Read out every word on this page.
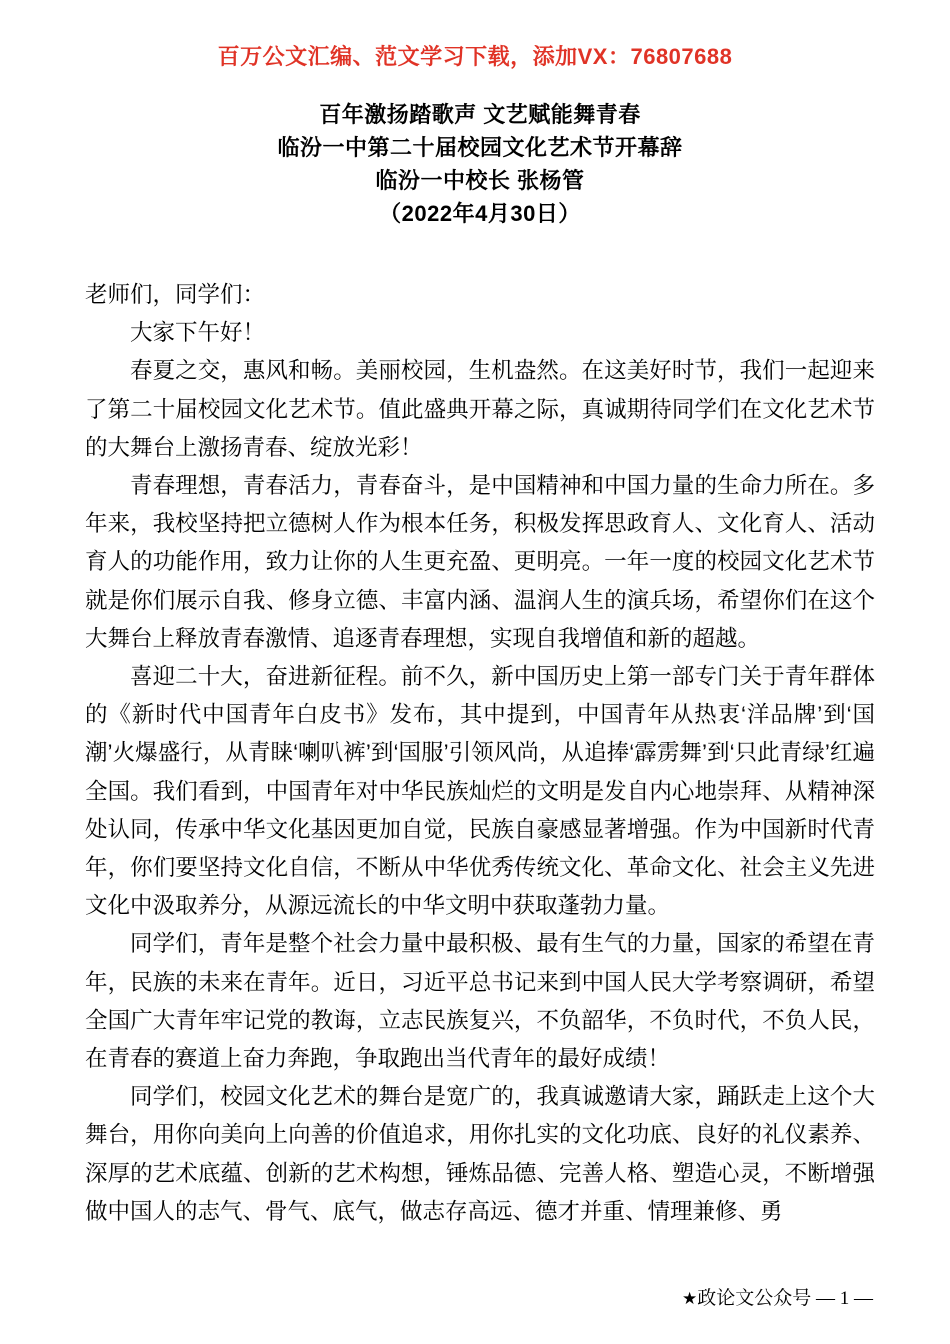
百万公文汇编、范文学习下载，添加VX：76807688
百年激扬踏歌声 文艺赋能舞青春
临汾一中第二十届校园文化艺术节开幕辞
临汾一中校长 张杨管
（2022年4月30日）

老师们，同学们：

大家下午好！

春夏之交，惠风和畅。美丽校园，生机盎然。在这美好时节，我们一起迎来了第二十届校园文化艺术节。值此盛典开幕之际，真诚期待同学们在文化艺术节的大舞台上激扬青春、绽放光彩！

青春理想，青春活力，青春奋斗，是中国精神和中国力量的生命力所在。多年来，我校坚持把立德树人作为根本任务，积极发挥思政育人、文化育人、活动育人的功能作用，致力让你的人生更充盈、更明亮。一年一度的校园文化艺术节就是你们展示自我、修身立德、丰富内涵、温润人生的演兵场，希望你们在这个大舞台上释放青春激情、追逐青春理想，实现自我增值和新的超越。

喜迎二十大，奋进新征程。前不久，新中国历史上第一部专门关于青年群体的《新时代中国青年白皮书》发布，其中提到，中国青年从热衷‘洋品牌’到‘国潮’火爆盛行，从青睐‘喇叭裤’到‘国服’引领风尚，从追捧‘霹雳舞’到‘只此青绿’红遍全国。我们看到，中国青年对中华民族灿烂的文明是发自内心地崇拜、从精神深处认同，传承中华文化基因更加自觉，民族自豪感显著增强。作为中国新时代青年，你们要坚持文化自信，不断从中华优秀传统文化、革命文化、社会主义先进文化中汲取养分，从源远流长的中华文明中获取蓬勃力量。

同学们，青年是整个社会力量中最积极、最有生气的力量，国家的希望在青年，民族的未来在青年。近日，习近平总书记来到中国人民大学考察调研，希望全国广大青年牢记党的教诲，立志民族复兴，不负韶华，不负时代，不负人民，在青春的赛道上奋力奔跑，争取跑出当代青年的最好成绩！

同学们，校园文化艺术的舞台是宽广的，我真诚邀请大家，踊跃走上这个大舞台，用你向美向上向善的价值追求，用你扎实的文化功底、良好的礼仪素养、深厚的艺术底蕴、创新的艺术构想，锤炼品德、完善人格、塑造心灵，不断增强做中国人的志气、骨气、底气，做志存高远、德才并重、情理兼修、勇

★政论文公众号 — 1 —
